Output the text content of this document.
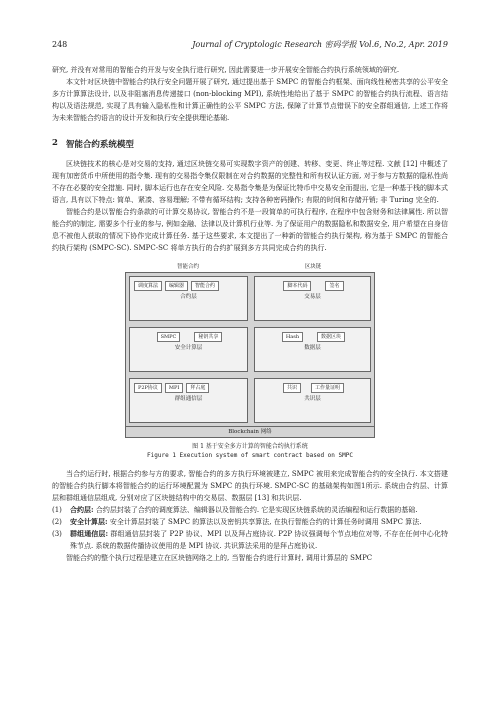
248	Journal of Cryptologic Research 密码学报 Vol.6, No.2, Apr. 2019

研究, 并没有对常用的智能合约开发与安全执行进行研究, 因此需要进一步开展安全智能合约执行系统领域的研究.

本文针对区块链中智能合约执行安全问题开展了研究, 通过提出基于 SMPC 的智能合约框架、面向线性秘密共享的公平安全多方计算算法设计, 以及非阻塞消息传递接口 (non-blocking MPI), 系统性地给出了基于 SMPC 的智能合约执行流程、语言结构以及语法规范, 实现了具有输入隐私性和计算正确性的公平 SMPC 方法, 保障了计算节点错误下的安全群组通信, 上述工作将为未来智能合约语言的设计开发和执行安全提供理论基础.

2 智能合约系统模型

区块链技术的核心是对交易的支持, 通过区块链交易可实现数字资产的创建、转移、变更、终止等过程. 文献 [12] 中概述了现有加密货币中所使用的指令集. 现有的交易指令集仅限制在对合约数据的完整性和所有权认证方面, 对于参与方数据的隐私性尚不存在必要的安全措施. 同时, 脚本运行也存在安全风险. 交易指令集是为保证比特币中交易安全而提出, 它是一种基于栈的脚本式语言, 具有以下特点: 简单、紧凑、容易理解; 不带有循环结构; 支持各种密码操作; 有限的时间和存储开销; 非 Turing 完全的.

智能合约是以智能合约条款的可计算交易协议, 智能合约不是一段简单的可执行程序, 在程序中包含财务和法律属性. 所以智能合约的制定, 需要多个行业的参与, 例如金融、法律以及计算机行业等. 为了保证用户的数据隐私和数据安全, 用户希望在自身信息不被他人获取的情况下协作完成计算任务. 基于这些要求, 本文提出了一种新的智能合约执行架构, 称为基于 SMPC 的智能合约执行架构 (SMPC-SC). SMPC-SC 将单方执行的合约扩展到多方共同完成合约的执行.

智能合约	区块链
调度算法	编辑器	智能合约
合约层
脚本代码	签名
交易层
SMPC	秘钥共享
安全计算层
Hash	数据区块
数据层
P2P协议	MPI	拜占庭
群组通信层
共识	工作量证明
共识层
Blockchain 网络
图 1 基于安全多方计算的智能合约执行系统
Figure 1 Execution system of smart contract based on SMPC

当合约运行时, 根据合约参与方的要求, 智能合约的多方执行环境被建立, SMPC 被用来完成智能合约的安全执行. 本文搭建的智能合约执行脚本将智能合约的运行环境配置为 SMPC 的执行环境. SMPC-SC 的基础架构如图1所示. 系统由合约层、计算层和群组通信层组成, 分别对应了区块链结构中的交易层、数据层 [13] 和共识层.

(1)	合约层: 合约层封装了合约的调度算法、编辑器以及智能合约. 它是实现区块链系统的灵活编程和运行数据的基础.
(2)	安全计算层: 安全计算层封装了 SMPC 的算法以及密钥共享算法, 在执行智能合约的计算任务时调用 SMPC 算法.
(3)	群组通信层: 群组通信层封装了 P2P 协议、MPI 以及拜占庭协议. P2P 协议强调每个节点地位对等, 不存在任何中心化特殊节点. 系统的数据传播协议使用的是 MPI 协议. 共识算法采用的是拜占庭协议.

智能合约的整个执行过程是建立在区块链网络之上的, 当智能合约进行计算时, 调用计算层的 SMPC
